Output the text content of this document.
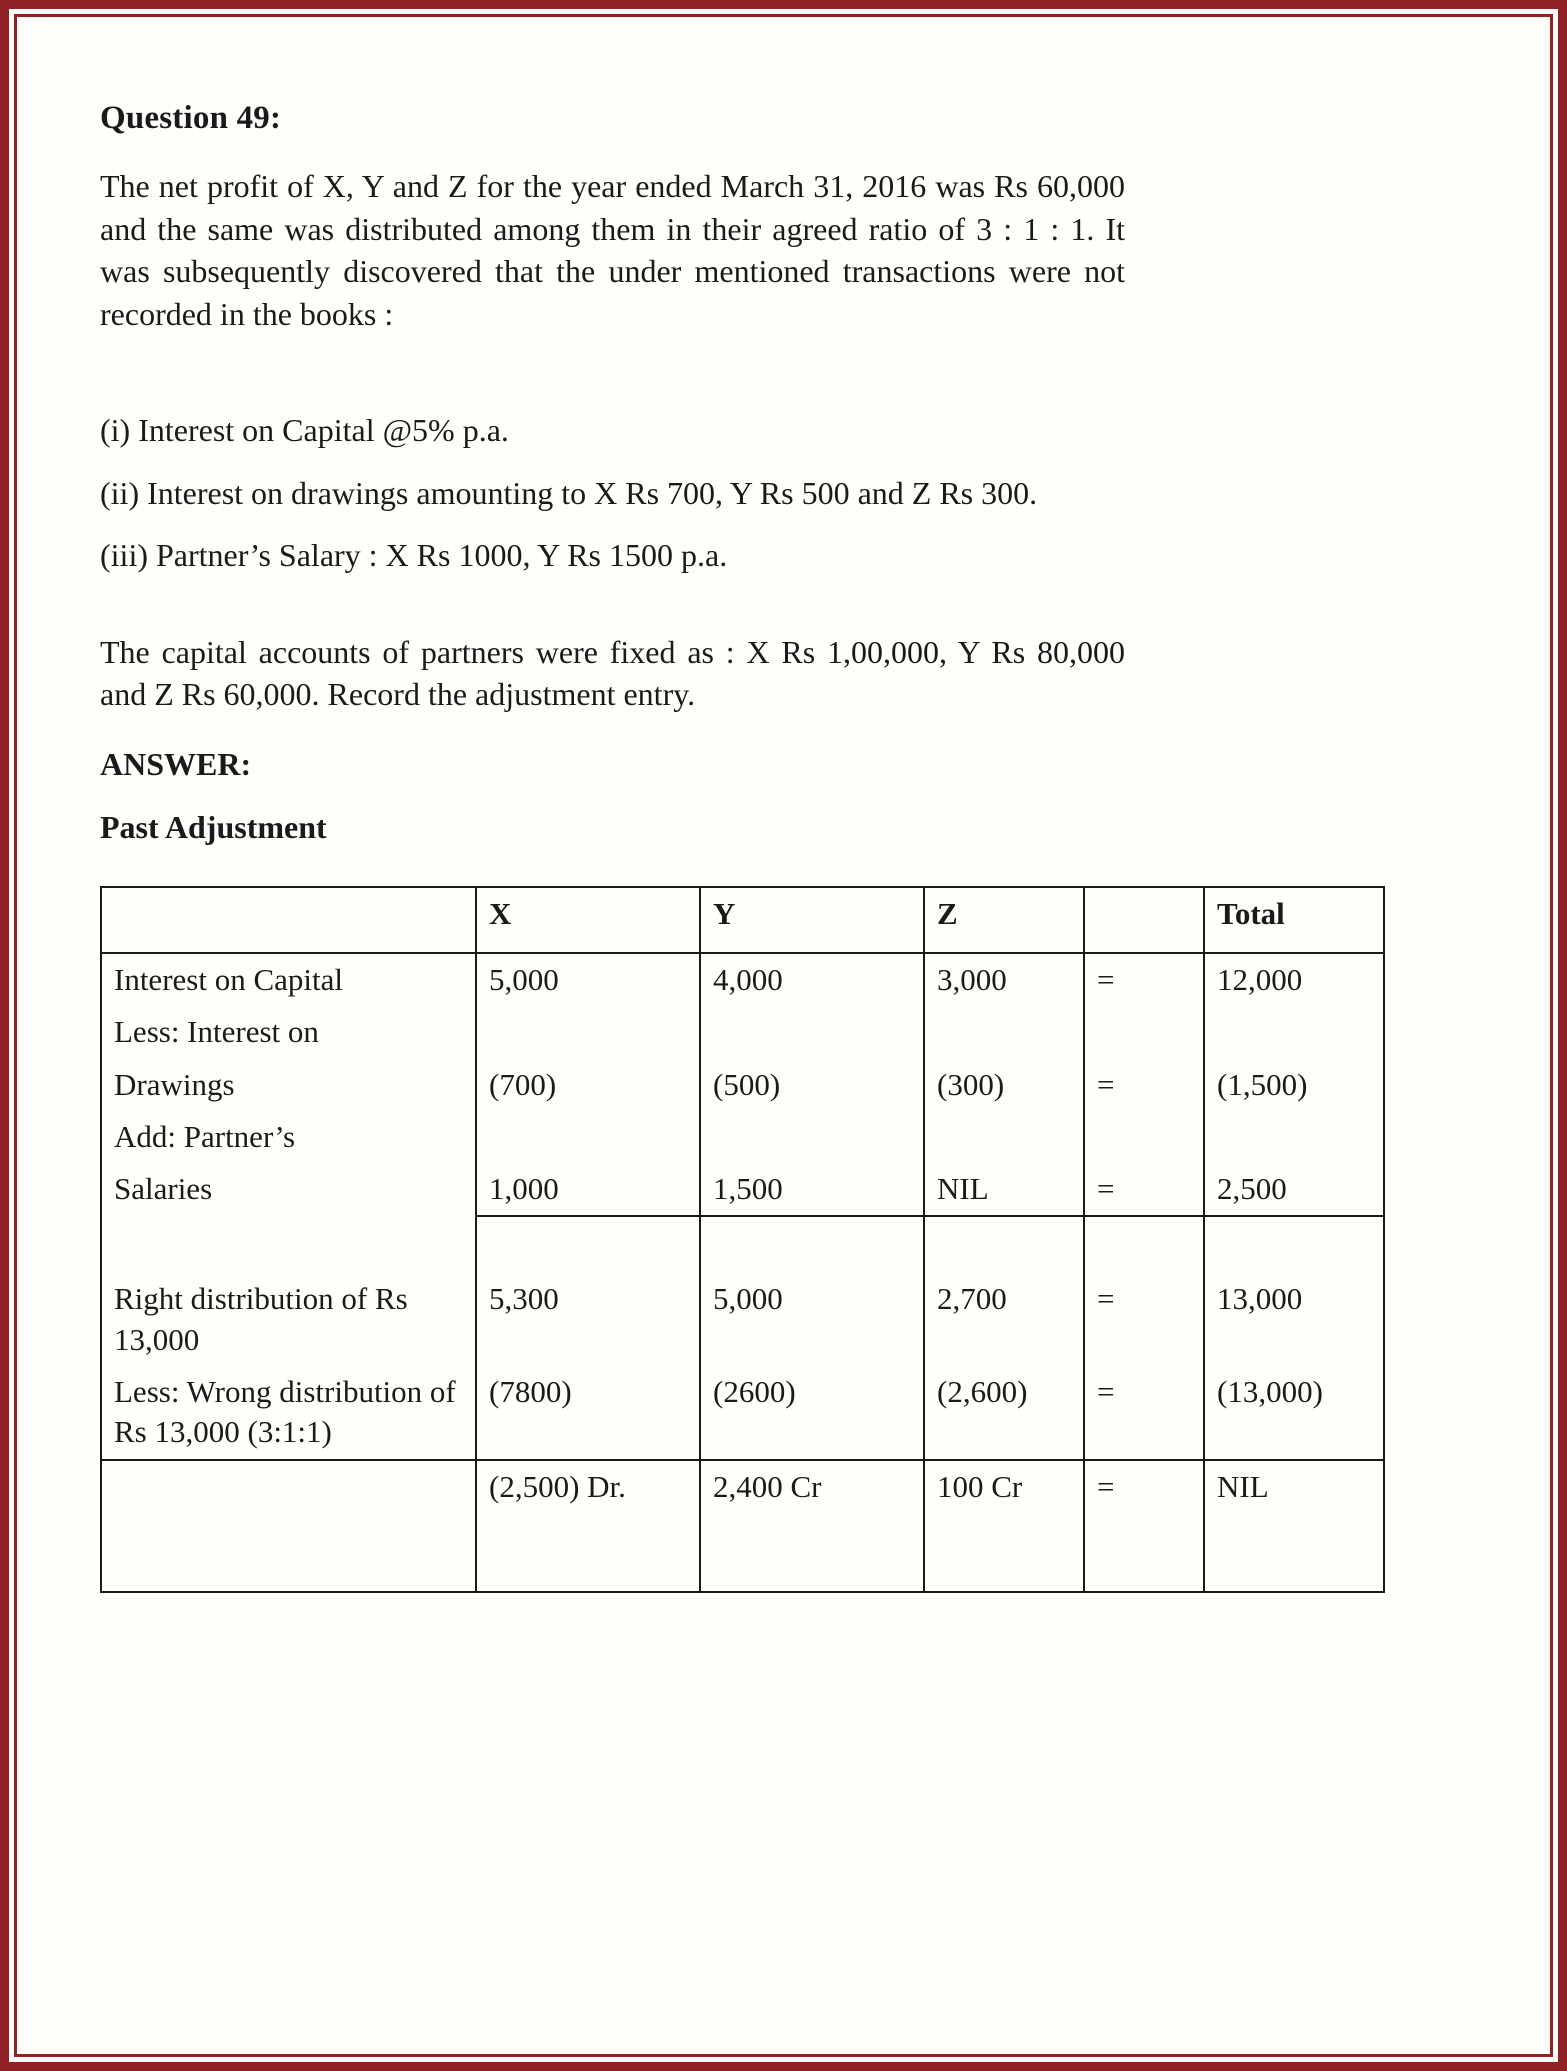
Question 49:

The net profit of X, Y and Z for the year ended March 31, 2016 was Rs 60,000 and the same was distributed among them in their agreed ratio of 3 : 1 : 1. It was subsequently discovered that the under mentioned transactions were not recorded in the books :

(i) Interest on Capital @5% p.a.
(ii) Interest on drawings amounting to X Rs 700, Y Rs 500 and Z Rs 300.
(iii) Partner’s Salary : X Rs 1000, Y Rs 1500 p.a.

The capital accounts of partners were fixed as : X Rs 1,00,000, Y Rs 80,000 and Z Rs 60,000. Record the adjustment entry.

ANSWER:
Past Adjustment
	X	Y	Z		Total
Interest on Capital	5,000	4,000	3,000	=	12,000
Less: Interest on					
Drawings	(700)	(500)	(300)	=	(1,500)
Add: Partner’s					
Salaries	1,000	1,500	NIL	=	2,500

Right distribution of Rs 13,000	5,300	5,000	2,700	=	13,000
Less: Wrong distribution of Rs 13,000 (3:1:1)	(7800)	(2600)	(2,600)	=	(13,000)
	(2,500) Dr.	2,400 Cr	100 Cr	=	NIL
